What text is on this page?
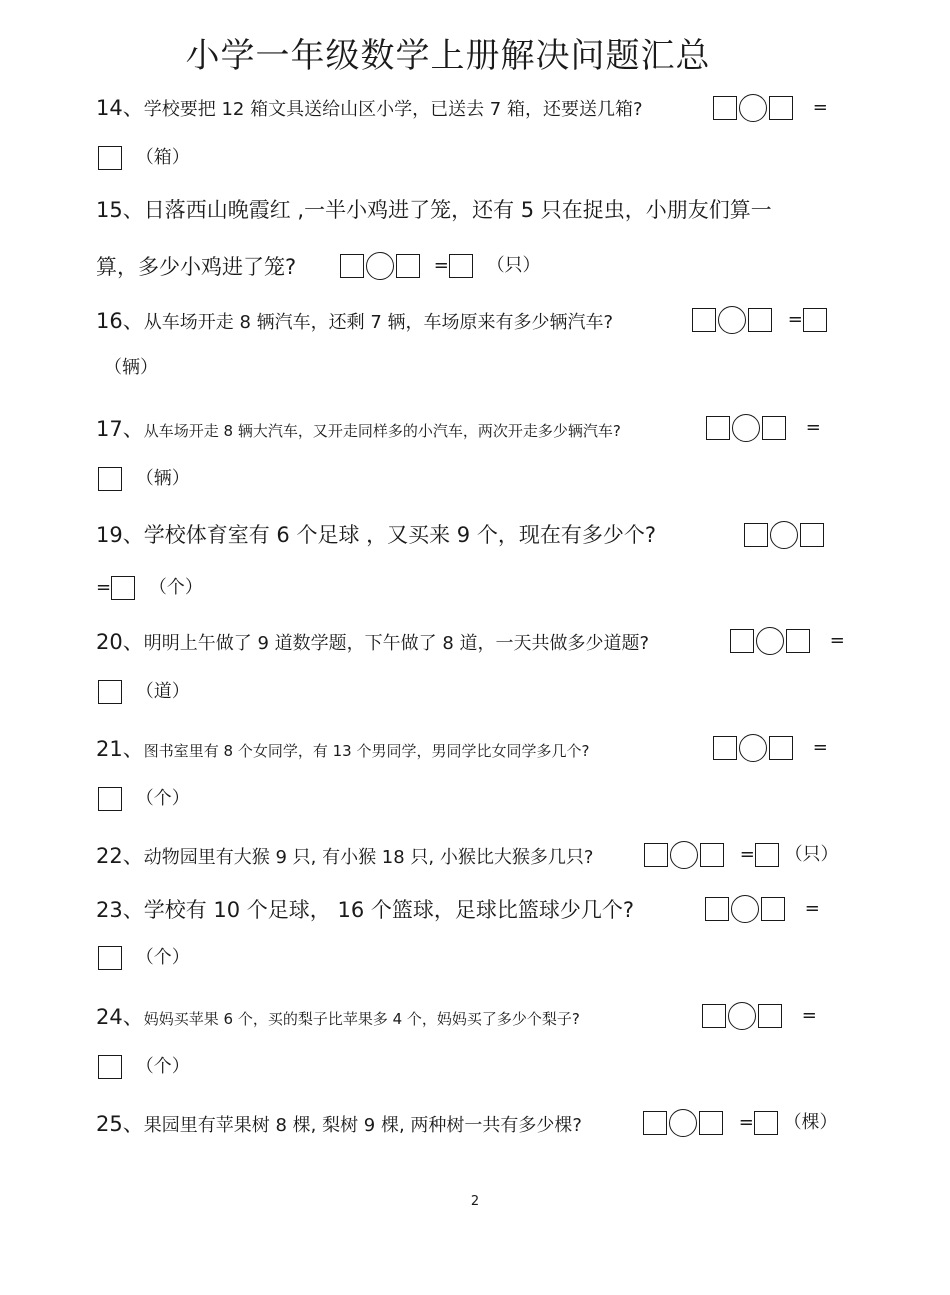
小学一年级数学上册解决问题汇总
14、学校要把 12 箱文具送给山区小学，已送去 7 箱，还要送几箱?	=
（箱）
15、日落西山晚霞红 ,一半小鸡进了笼，还有 5 只在捉虫，小朋友们算一
算，多少小鸡进了笼?	= （只）
16、从车场开走 8 辆汽车，还剩 7 辆，车场原来有多少辆汽车?	=
（辆）
17、从车场开走 8 辆大汽车，又开走同样多的小汽车，两次开走多少辆汽车?	=
（辆）
19、学校体育室有 6 个足球 ，又买来 9 个，现在有多少个?
= （个）
20、明明上午做了 9 道数学题，下午做了 8 道，一天共做多少道题?	=
（道）
21、图书室里有 8 个女同学，有 13 个男同学，男同学比女同学多几个?	=
（个）
22、动物园里有大猴 9 只, 有小猴 18 只, 小猴比大猴多几只?	= （只）
23、学校有 10 个足球， 16 个篮球，足球比篮球少几个?	=
（个）
24、妈妈买苹果 6 个，买的梨子比苹果多 4 个，妈妈买了多少个梨子?	=
（个）
25、果园里有苹果树 8 棵, 梨树 9 棵, 两种树一共有多少棵?	= （棵）
2
